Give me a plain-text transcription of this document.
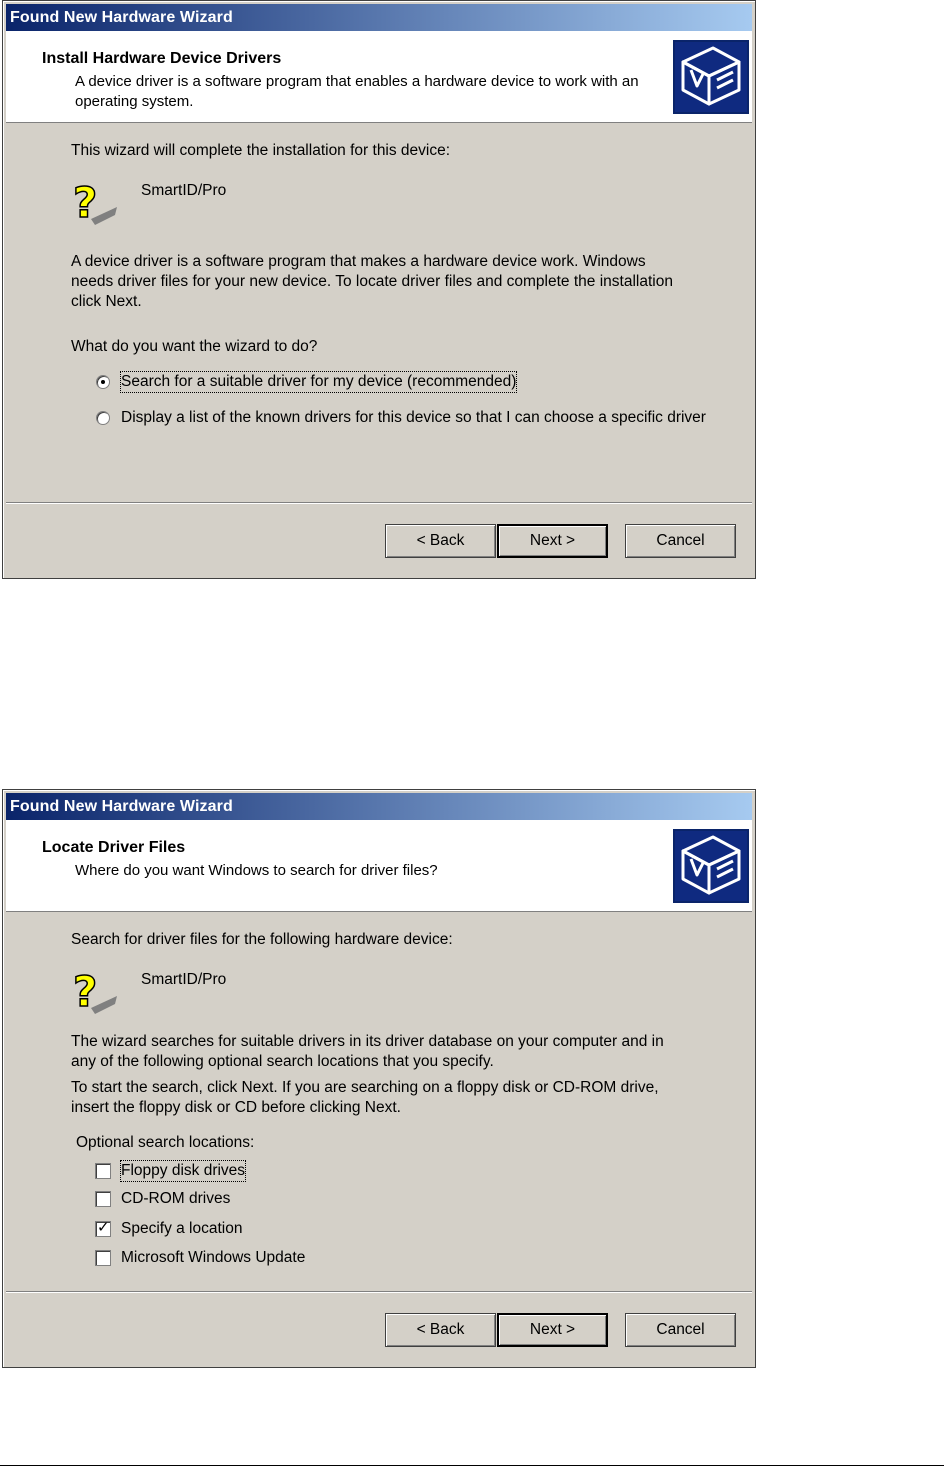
Found New Hardware Wizard
Install Hardware Device Drivers
A device driver is a software program that enables a hardware device to work with an operating system.
This wizard will complete the installation for this device:
?	SmartID/Pro
A device driver is a software program that makes a hardware device work. Windows needs driver files for your new device. To locate driver files and complete the installation click Next.
What do you want the wizard to do?
Search for a suitable driver for my device (recommended)
Display a list of the known drivers for this device so that I can choose a specific driver
< Back	Next >	Cancel
Found New Hardware Wizard
Locate Driver Files
Where do you want Windows to search for driver files?
Search for driver files for the following hardware device:
?	SmartID/Pro
The wizard searches for suitable drivers in its driver database on your computer and in any of the following optional search locations that you specify.
To start the search, click Next. If you are searching on a floppy disk or CD-ROM drive, insert the floppy disk or CD before clicking Next.
Optional search locations:
Floppy disk drives
CD-ROM drives
✓ Specify a location
Microsoft Windows Update
< Back	Next >	Cancel
